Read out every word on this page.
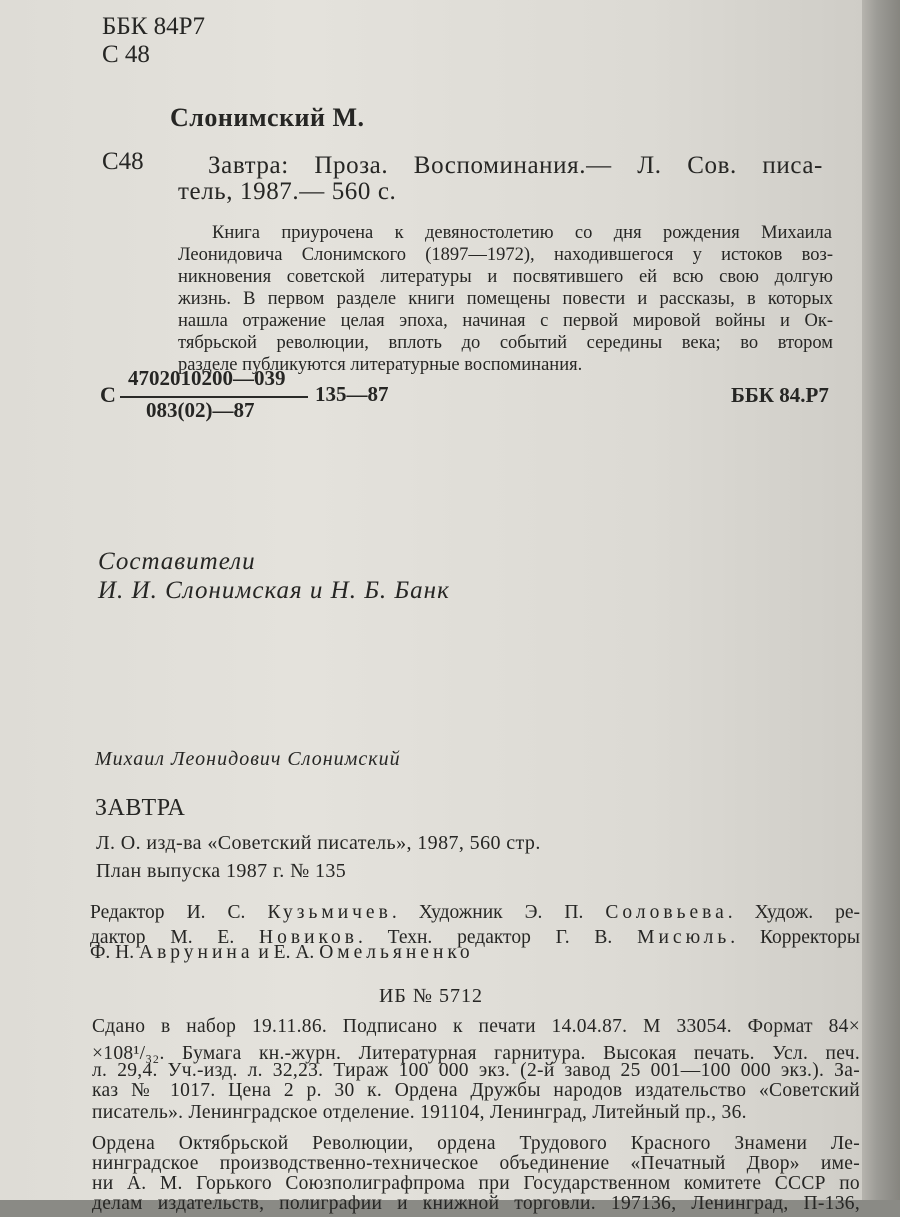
ББК 84Р7
С 48
Слонимский М.
С48	Завтра: Проза. Воспоминания.— Л. Сов. писа-
тель, 1987.— 560 с.
Книга приурочена к девяностолетию со дня рождения Михаила
Леонидовича Слонимского (1897—1972), находившегося у истоков воз-
никновения советской литературы и посвятившего ей всю свою долгую
жизнь. В первом разделе книги помещены повести и рассказы, в которых
нашла отражение целая эпоха, начиная с первой мировой войны и Ок-
тябрьской революции, вплоть до событий середины века; во втором
разделе публикуются литературные воспоминания.
С
4702010200—039
083(02)—87
135—87	ББК 84.Р7
Составители
И. И. Слонимская и Н. Б. Банк
Михаил Леонидович Слонимский
ЗАВТРА
Л. О. изд-ва «Советский писатель», 1987, 560 стр.
План выпуска 1987 г. № 135
Редактор И. С. Кузьмичев. Художник Э. П. Соловьева. Худож. ре-
дактор М. Е. Новиков. Техн. редактор Г. В. Мисюль. Корректоры
Ф. Н. Аврунина и Е. А. Омельяненко
ИБ № 5712
Сдано в набор 19.11.86. Подписано к печати 14.04.87. М 33054. Формат 84×
×108¹/₃₂. Бумага кн.-журн. Литературная гарнитура. Высокая печать. Усл. печ.
л. 29,4. Уч.-изд. л. 32,23. Тираж 100 000 экз. (2-й завод 25 001—100 000 экз.). За-
каз № 1017. Цена 2 р. 30 к. Ордена Дружбы народов издательство «Советский
писатель». Ленинградское отделение. 191104, Ленинград, Литейный пр., 36.
Ордена Октябрьской Революции, ордена Трудового Красного Знамени Ле-
нинградское производственно-техническое объединение «Печатный Двор» име-
ни А. М. Горького Союзполиграфпрома при Государственном комитете СССР по
делам издательств, полиграфии и книжной торговли. 197136, Ленинград, П-136,
